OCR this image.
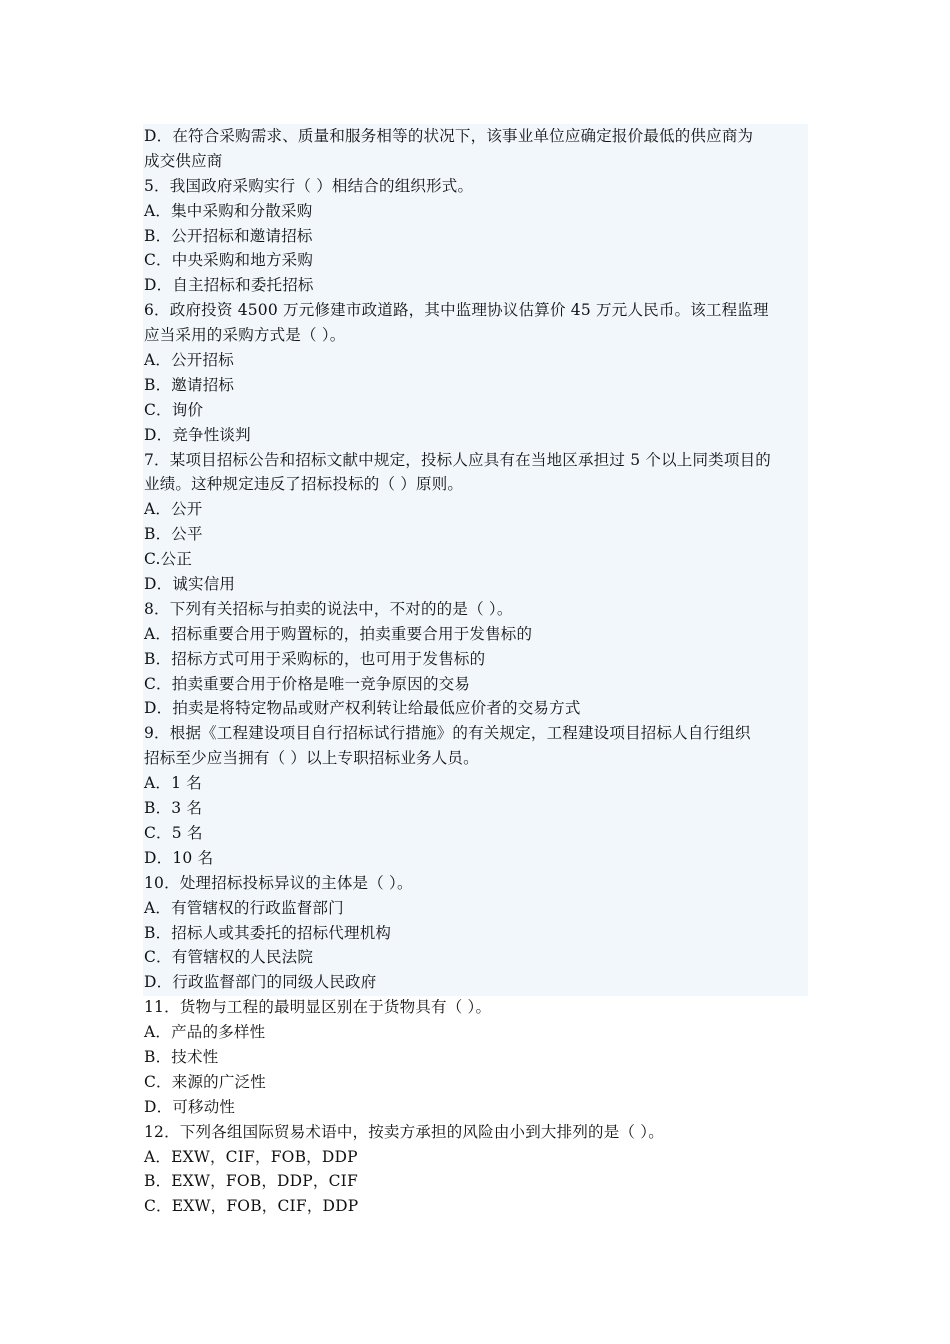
D．在符合采购需求、质量和服务相等的状况下，该事业单位应确定报价最低的供应商为
成交供应商
5．我国政府采购实行（ ）相结合的组织形式。
A．集中采购和分散采购
B．公开招标和邀请招标
C．中央采购和地方采购
D．自主招标和委托招标
6．政府投资 4500 万元修建市政道路，其中监理协议估算价 45 万元人民币。该工程监理
应当采用的采购方式是（ ）。
A．公开招标
B．邀请招标
C．询价
D．竞争性谈判
7．某项目招标公告和招标文献中规定，投标人应具有在当地区承担过 5 个以上同类项目的
业绩。这种规定违反了招标投标的（ ）原则。
A．公开
B．公平
C.公正
D．诚实信用
8．下列有关招标与拍卖的说法中，不对的的是（ ）。
A．招标重要合用于购置标的，拍卖重要合用于发售标的
B．招标方式可用于采购标的，也可用于发售标的
C．拍卖重要合用于价格是唯一竞争原因的交易
D．拍卖是将特定物品或财产权利转让给最低应价者的交易方式
9．根据《工程建设项目自行招标试行措施》的有关规定，工程建设项目招标人自行组织
招标至少应当拥有（ ）以上专职招标业务人员。
A．1 名
B．3 名
C．5 名
D．10 名
10．处理招标投标异议的主体是（ ）。
A．有管辖权的行政监督部门
B．招标人或其委托的招标代理机构
C．有管辖权的人民法院
D．行政监督部门的同级人民政府
11．货物与工程的最明显区别在于货物具有（ ）。
A．产品的多样性
B．技术性
C．来源的广泛性
D．可移动性
12．下列各组国际贸易术语中，按卖方承担的风险由小到大排列的是（ ）。
A．EXW，CIF，FOB，DDP
B．EXW，FOB，DDP，CIF
C．EXW，FOB，CIF，DDP
